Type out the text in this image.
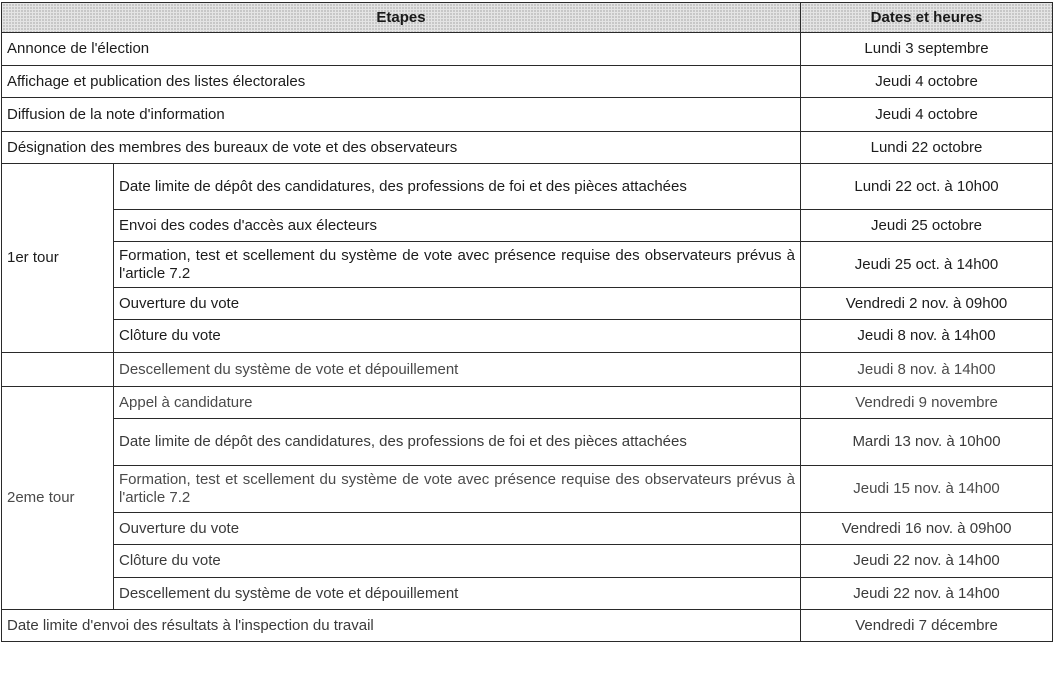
Etapes		Dates et heures
Annonce de l'élection		Lundi 3 septembre
Affichage et publication des listes électorales		Jeudi 4 octobre
Diffusion de la note d'information		Jeudi 4 octobre
Désignation des membres des bureaux de vote et des observateurs		Lundi 22 octobre
1er tour	Date limite de dépôt des candidatures, des professions de foi et des pièces attachées	Lundi 22 oct. à 10h00
	Envoi des codes d'accès aux électeurs	Jeudi 25 octobre
	Formation, test et scellement du système de vote avec présence requise des observateurs prévus à l'article 7.2	Jeudi 25 oct. à 14h00
	Ouverture du vote	Vendredi 2 nov. à 09h00
	Clôture du vote	Jeudi 8 nov. à 14h00
	Descellement du système de vote et dépouillement	Jeudi 8 nov. à 14h00
2eme tour	Appel à candidature	Vendredi 9 novembre
	Date limite de dépôt des candidatures, des professions de foi et des pièces attachées	Mardi 13 nov. à 10h00
	Formation, test et scellement du système de vote avec présence requise des observateurs prévus à l'article 7.2	Jeudi 15 nov. à 14h00
	Ouverture du vote	Vendredi 16 nov. à 09h00
	Clôture du vote	Jeudi 22 nov. à 14h00
	Descellement du système de vote et dépouillement	Jeudi 22 nov. à 14h00
Date limite d'envoi des résultats à l'inspection du travail		Vendredi 7 décembre
